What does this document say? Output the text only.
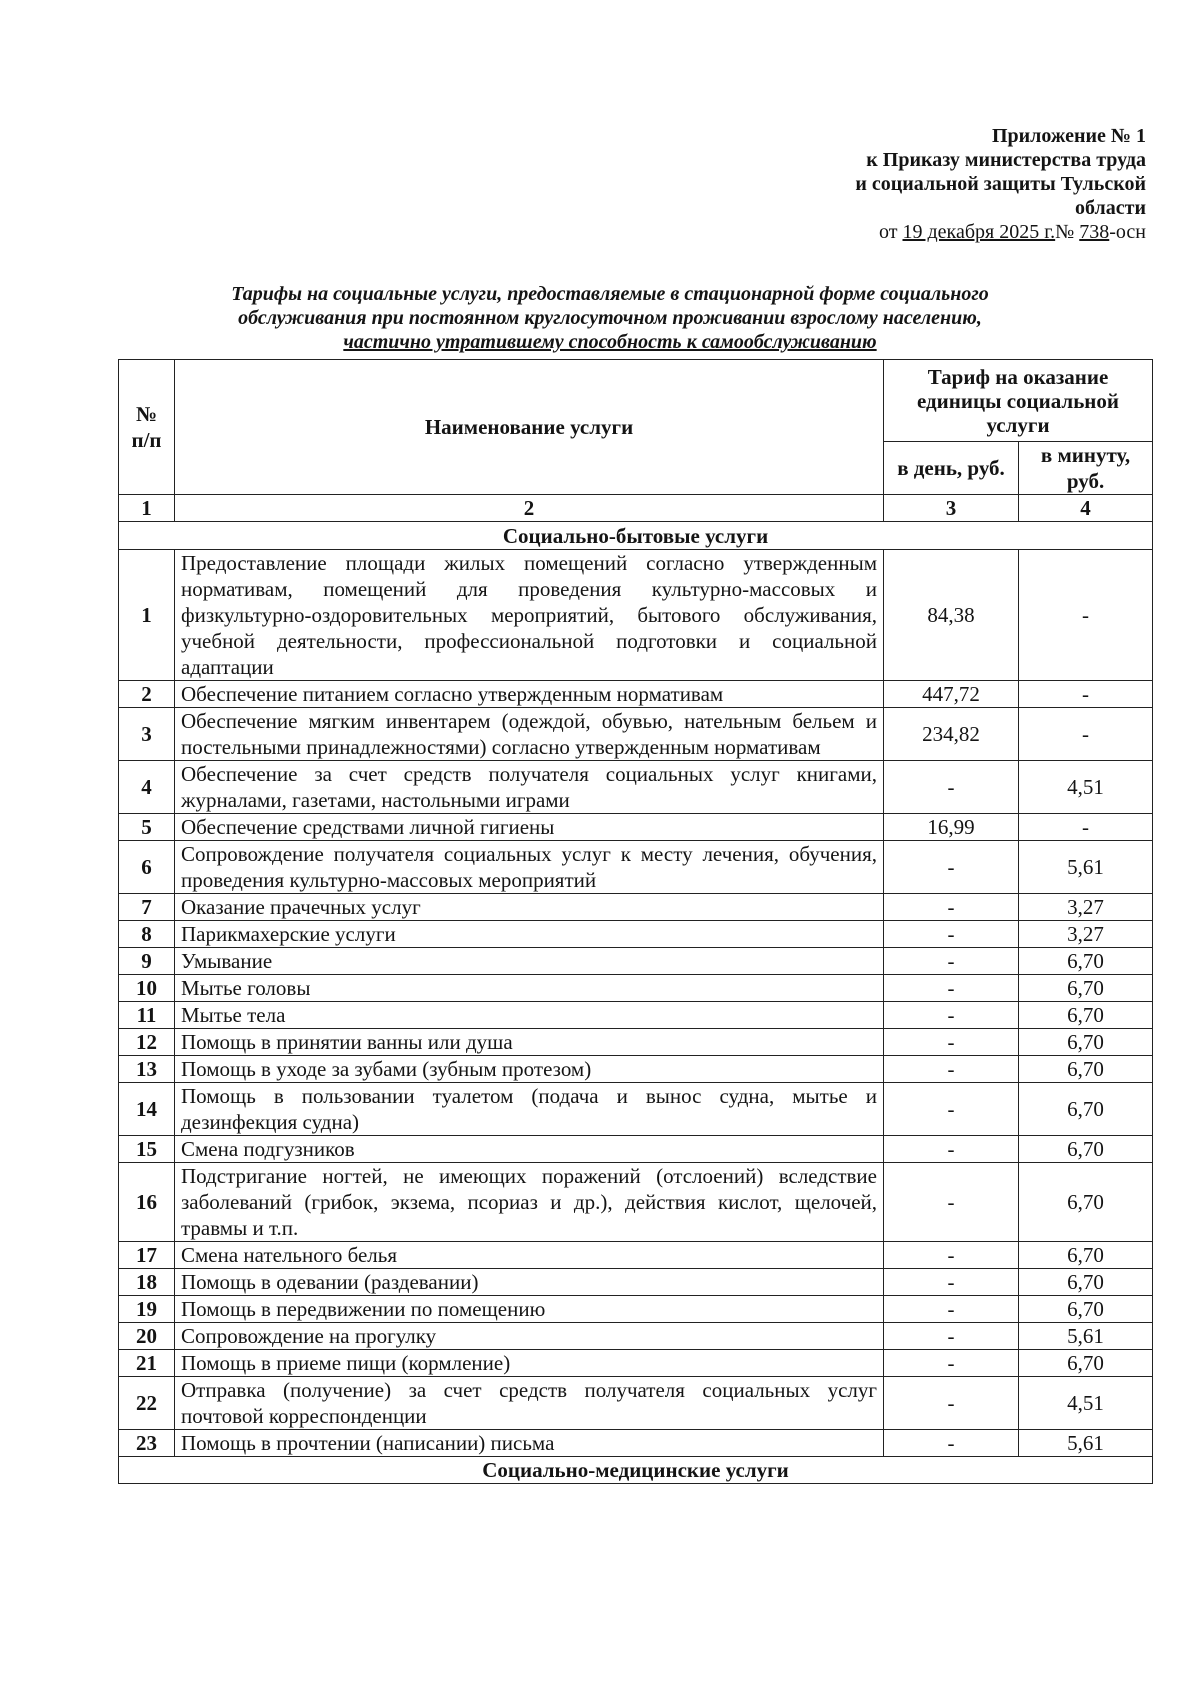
Приложение № 1
к Приказу министерства труда
и социальной защиты Тульской
области
от 19 декабря 2025 г.№ 738-осн
Тарифы на социальные услуги, предоставляемые в стационарной форме социального
обслуживания при постоянном круглосуточном проживании взрослому населению,
частично утратившему способность к самообслуживанию
№ п/п	Наименование услуги	Тариф на оказание единицы социальной услуги	
		в день, руб.	в минуту, руб.
1	2	3	4
Социально-бытовые услуги			
1	Предоставление площади жилых помещений согласно утвержденным нормативам, помещений для проведения культурно-массовых и физкультурно-оздоровительных мероприятий, бытового обслуживания, учебной деятельности, профессиональной подготовки и социальной адаптации	84,38	-
2	Обеспечение питанием согласно утвержденным нормативам	447,72	-
3	Обеспечение мягким инвентарем (одеждой, обувью, нательным бельем и постельными принадлежностями) согласно утвержденным нормативам	234,82	-
4	Обеспечение за счет средств получателя социальных услуг книгами, журналами, газетами, настольными играми	-	4,51
5	Обеспечение средствами личной гигиены	16,99	-
6	Сопровождение получателя социальных услуг к месту лечения, обучения, проведения культурно-массовых мероприятий	-	5,61
7	Оказание прачечных услуг	-	3,27
8	Парикмахерские услуги	-	3,27
9	Умывание	-	6,70
10	Мытье головы	-	6,70
11	Мытье тела	-	6,70
12	Помощь в принятии ванны или душа	-	6,70
13	Помощь в уходе за зубами (зубным протезом)	-	6,70
14	Помощь в пользовании туалетом (подача и вынос судна, мытье и дезинфекция судна)	-	6,70
15	Смена подгузников	-	6,70
16	Подстригание ногтей, не имеющих поражений (отслоений) вследствие заболеваний (грибок, экзема, псориаз и др.), действия кислот, щелочей, травмы и т.п.	-	6,70
17	Смена нательного белья	-	6,70
18	Помощь в одевании (раздевании)	-	6,70
19	Помощь в передвижении по помещению	-	6,70
20	Сопровождение на прогулку	-	5,61
21	Помощь в приеме пищи (кормление)	-	6,70
22	Отправка (получение) за счет средств получателя социальных услуг почтовой корреспонденции	-	4,51
23	Помощь в прочтении (написании) письма	-	5,61
Социально-медицинские услуги			
